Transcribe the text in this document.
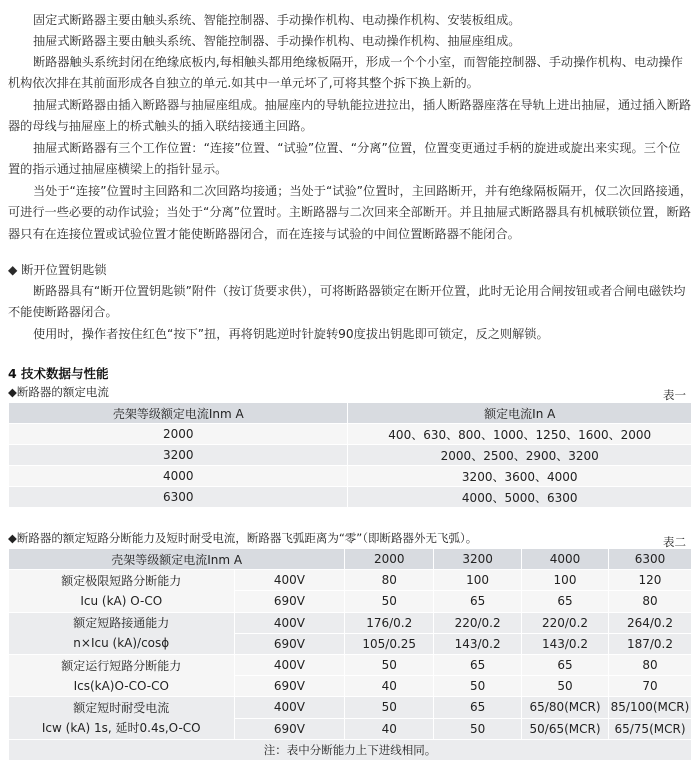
固定式断路器主要由触头系统、智能控制器、手动操作机构、电动操作机构、安装板组成。

抽屉式断路器主要由触头系统、智能控制器、手动操作机构、电动操作机构、抽屉座组成。

断路器触头系统封闭在绝缘底板内,每相触头都用绝缘板隔开，形成一个个小室，而智能控制器、手动操作机构、电动操作机构依次排在其前面形成各自独立的单元.如其中一单元坏了,可将其整个拆下换上新的。

抽屉式断路器由插入断路器与抽屉座组成。抽屉座内的导轨能拉进拉出，插人断路器座落在导轨上进出抽屉，通过插入断路器的母线与抽屉座上的桥式触头的插入联结接通主回路。

抽屉式断路器有三个工作位置：“连接”位置、“试验”位置、“分离”位置，位置变更通过手柄的旋进或旋出来实现。三个位置的指示通过抽屉座横梁上的指针显示。

当处于“连接”位置时主回路和二次回路均接通；当处于“试验”位置时，主回路断开，并有绝缘隔板隔开，仅二次回路接通，可进行一些必要的动作试验；当处于“分离”位置时。主断路器与二次回来全部断开。并且抽屉式断路器具有机械联锁位置，断路器只有在连接位置或试验位置才能使断路器闭合，而在连接与试验的中间位置断路器不能闭合。

◆ 断开位置钥匙锁

断路器具有“断开位置钥匙锁”附件（按订货要求供），可将断路器锁定在断开位置，此时无论用合闸按钮或者合闸电磁铁均不能使断路器闭合。

使用时，操作者按住红色“按下”扭，再将钥匙逆时针旋转90度拔出钥匙即可锁定，反之则解锁。

4 技术数据与性能

◆断路器的额定电流	表一
壳架等级额定电流Inm A	额定电流In A
2000	400、630、800、1000、1250、1600、2000
3200	2000、2500、2900、3200
4000	3200、3600、4000
6300	4000、5000、6300

◆断路器的额定短路分断能力及短时耐受电流，断路器飞弧距离为“零”（即断路器外无飞弧）。	表二
壳架等级额定电流Inm A		2000	3200	4000	6300

额定极限短路分断能力
Icu (kA) O-CO	400V	80	100	100	120
	690V	50	65	65	80

额定短路接通能力
n×Icu (kA)/cosϕ	400V	176/0.2	220/0.2	220/0.2	264/0.2
	690V	105/0.25	143/0.2	143/0.2	187/0.2

额定运行短路分断能力
Ics(kA)O-CO-CO	400V	50	65	65	80
	690V	40	50	50	70

额定短时耐受电流
Icw (kA) 1s, 延时0.4s,O-CO	400V	50	65	65/80(MCR)	85/100(MCR)
	690V	40	50	50/65(MCR)	65/75(MCR)
注：表中分断能力上下进线相同。					
